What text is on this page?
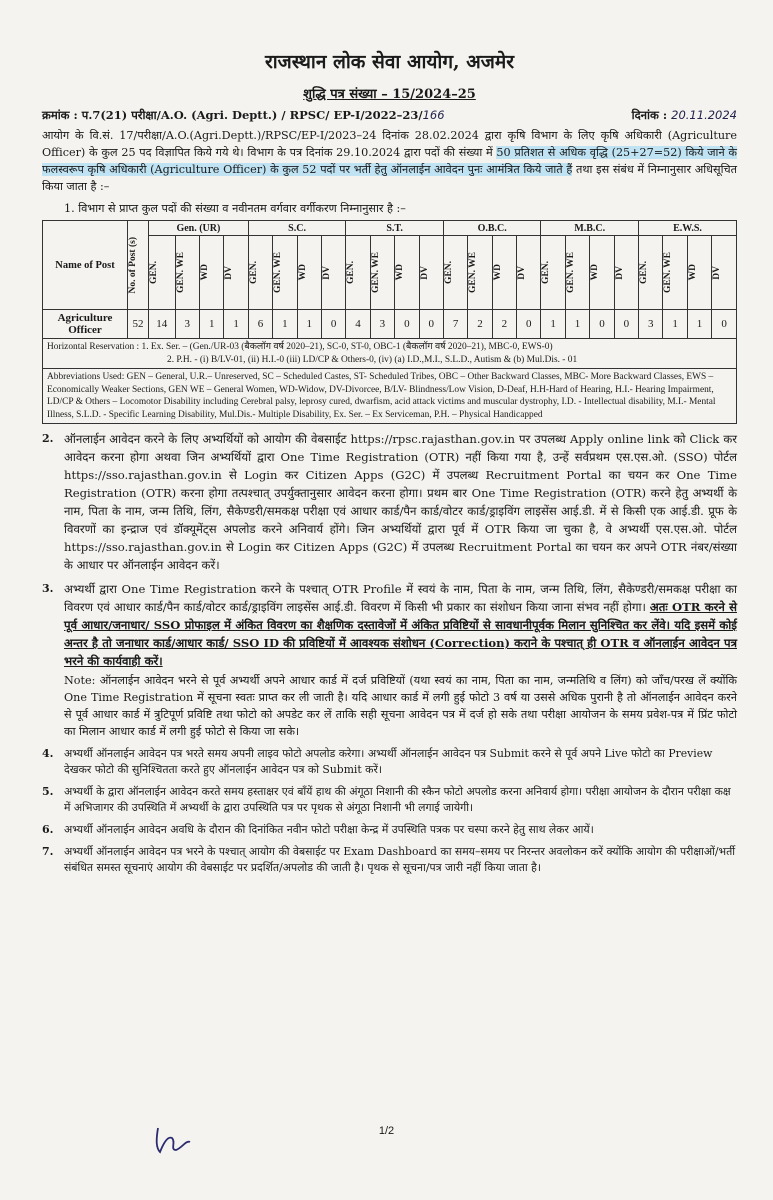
राजस्थान लोक सेवा आयोग, अजमेर
शुद्धि पत्र संख्या – 15/2024–25
क्रमांक : प.7(21) परीक्षा/A.O. (Agri. Deptt.) / RPSC/ EP-I/2022–23/166	दिनांक : 20.11.2024

आयोग के वि.सं. 17/परीक्षा/A.O.(Agri.Deptt.)/RPSC/EP-I/2023–24 दिनांक 28.02.2024 द्वारा कृषि विभाग के लिए कृषि अधिकारी (Agriculture Officer) के कुल 25 पद विज्ञापित किये गये थे। विभाग के पत्र दिनांक 29.10.2024 द्वारा पदों की संख्या में 50 प्रतिशत से अधिक वृद्धि (25+27=52) किये जाने के फलस्वरूप कृषि अधिकारी (Agriculture Officer) के कुल 52 पदों पर भर्ती हेतु ऑनलाईन आवेदन पुनः आमंत्रित किये जाते हैं तथा इस संबंध में निम्नानुसार अधिसूचित किया जाता है :–

1. विभाग से प्राप्त कुल पदों की संख्या व नवीनतम वर्गवार वर्गीकरण निम्नानुसार है :–
Name of Post	No. of Post (s)	Gen. (UR)				S.C.				S.T.				O.B.C.				M.B.C.				E.W.S.			

		GEN.	GEN. WE	WD	DV	GEN.	GEN. WE	WD	DV	GEN.	GEN. WE	WD	DV	GEN.	GEN. WE	WD	DV	GEN.	GEN. WE	WD	DV	GEN.	GEN. WE	WD	DV

Agriculture Officer	52	14	3	1	1	6	1	1	0	4	3	0	0	7	2	2	0	1	1	0	0	3	1	1	0

Horizontal Reservation : 1. Ex. Ser. – (Gen./UR-03 (बैकलॉग वर्ष 2020–21), SC-0, ST-0, OBC-1 (बैकलॉग वर्ष 2020–21), MBC-0, EWS-0)
2. P.H. - (i) B/LV-01, (ii) H.I.-0 (iii) LD/CP & Others-0, (iv) (a) I.D.,M.I., S.L.D., Autism & (b) Mul.Dis. - 01																									

Abbreviations Used: GEN – General, U.R.– Unreserved, SC – Scheduled Castes, ST- Scheduled Tribes, OBC – Other Backward Classes, MBC- More Backward Classes, EWS – Economically Weaker Sections, GEN WE – General Women, WD-Widow, DV-Divorcee, B/LV- Blindness/Low Vision, D-Deaf, H.H-Hard of Hearing, H.I.- Hearing Impairment, LD/CP & Others – Locomotor Disability including Cerebral palsy, leprosy cured, dwarfism, acid attack victims and muscular dystrophy, I.D. - Intellectual disability, M.I.- Mental Illness, S.L.D. - Specific Learning Disability, Mul.Dis.- Multiple Disability, Ex. Ser. – Ex Serviceman, P.H. – Physical Handicapped																									
2. ऑनलाईन आवेदन करने के लिए अभ्यर्थियों को आयोग की वेबसाईट https://rpsc.rajasthan.gov.in पर उपलब्ध Apply online link को Click कर आवेदन करना होगा अथवा जिन अभ्यर्थियों द्वारा One Time Registration (OTR) नहीं किया गया है, उन्हें सर्वप्रथम एस.एस.ओ. (SSO) पोर्टल https://sso.rajasthan.gov.in से Login कर Citizen Apps (G2C) में उपलब्ध Recruitment Portal का चयन कर One Time Registration (OTR) करना होगा तत्पश्चात् उपर्युक्तानुसार आवेदन करना होगा। प्रथम बार One Time Registration (OTR) करने हेतु अभ्यर्थी के नाम, पिता के नाम, जन्म तिथि, लिंग, सैकेण्डरी/समकक्ष परीक्षा एवं आधार कार्ड/पैन कार्ड/वोटर कार्ड/ड्राइविंग लाइसेंस आई.डी. में से किसी एक आई.डी. प्रूफ के विवरणों का इन्द्राज एवं डॉक्यूमेंट्स अपलोड करने अनिवार्य होंगे। जिन अभ्यर्थियों द्वारा पूर्व में OTR किया जा चुका है, वे अभ्यर्थी एस.एस.ओ. पोर्टल https://sso.rajasthan.gov.in से Login कर Citizen Apps (G2C) में उपलब्ध Recruitment Portal का चयन कर अपने OTR नंबर/संख्या के आधार पर ऑनलाईन आवेदन करें।
3. अभ्यर्थी द्वारा One Time Registration करने के पश्चात् OTR Profile में स्वयं के नाम, पिता के नाम, जन्म तिथि, लिंग, सैकेण्डरी/समकक्ष परीक्षा का विवरण एवं आधार कार्ड/पैन कार्ड/वोटर कार्ड/ड्राइविंग लाइसेंस आई.डी. विवरण में किसी भी प्रकार का संशोधन किया जाना संभव नहीं होगा। अतः OTR करने से पूर्व आधार/जनाधार/ SSO प्रोफाइल में अंकित विवरण का शैक्षणिक दस्तावेजों में अंकित प्रविष्टियों से सावधानीपूर्वक मिलान सुनिश्चित कर लेंवे। यदि इसमें कोई अन्तर है तो जनाधार कार्ड/आधार कार्ड/ SSO ID की प्रविष्टियों में आवश्यक संशोधन (Correction) कराने के पश्चात् ही OTR व ऑनलाईन आवेदन पत्र भरने की कार्यवाही करें।
Note: ऑनलाईन आवेदन भरने से पूर्व अभ्यर्थी अपने आधार कार्ड में दर्ज प्रविष्टियों (यथा स्वयं का नाम, पिता का नाम, जन्मतिथि व लिंग) को जाँच/परख लें क्योंकि One Time Registration में सूचना स्वतः प्राप्त कर ली जाती है। यदि आधार कार्ड में लगी हुई फोटो 3 वर्ष या उससे अधिक पुरानी है तो ऑनलाईन आवेदन करने से पूर्व आधार कार्ड में त्रुटिपूर्ण प्रविष्टि तथा फोटो को अपडेट कर लें ताकि सही सूचना आवेदन पत्र में दर्ज हो सके तथा परीक्षा आयोजन के समय प्रवेश-पत्र में प्रिंट फोटो का मिलान आधार कार्ड में लगी हुई फोटो से किया जा सके।
4. अभ्यर्थी ऑनलाईन आवेदन पत्र भरते समय अपनी लाइव फोटो अपलोड करेगा। अभ्यर्थी ऑनलाईन आवेदन पत्र Submit करने से पूर्व अपने Live फोटो का Preview देखकर फोटो की सुनिश्चितता करते हुए ऑनलाईन आवेदन पत्र को Submit करें।
5. अभ्यर्थी के द्वारा ऑनलाईन आवेदन करते समय हस्ताक्षर एवं बाँयें हाथ की अंगूठा निशानी की स्कैन फोटो अपलोड करना अनिवार्य होगा। परीक्षा आयोजन के दौरान परीक्षा कक्ष में अभिजागर की उपस्थिति में अभ्यर्थी के द्वारा उपस्थिति पत्र पर पृथक से अंगूठा निशानी भी लगाई जायेगी।
6. अभ्यर्थी ऑनलाईन आवेदन अवधि के दौरान की दिनांकित नवीन फोटो परीक्षा केन्द्र में उपस्थिति पत्रक पर चस्पा करने हेतु साथ लेकर आयें।
7. अभ्यर्थी ऑनलाईन आवेदन पत्र भरने के पश्चात् आयोग की वेबसाईट पर Exam Dashboard का समय–समय पर निरन्तर अवलोकन करें क्योंकि आयोग की परीक्षाओं/भर्ती संबंधित समस्त सूचनाएं आयोग की वेबसाईट पर प्रदर्शित/अपलोड की जाती है। पृथक से सूचना/पत्र जारी नहीं किया जाता है।
1/2
